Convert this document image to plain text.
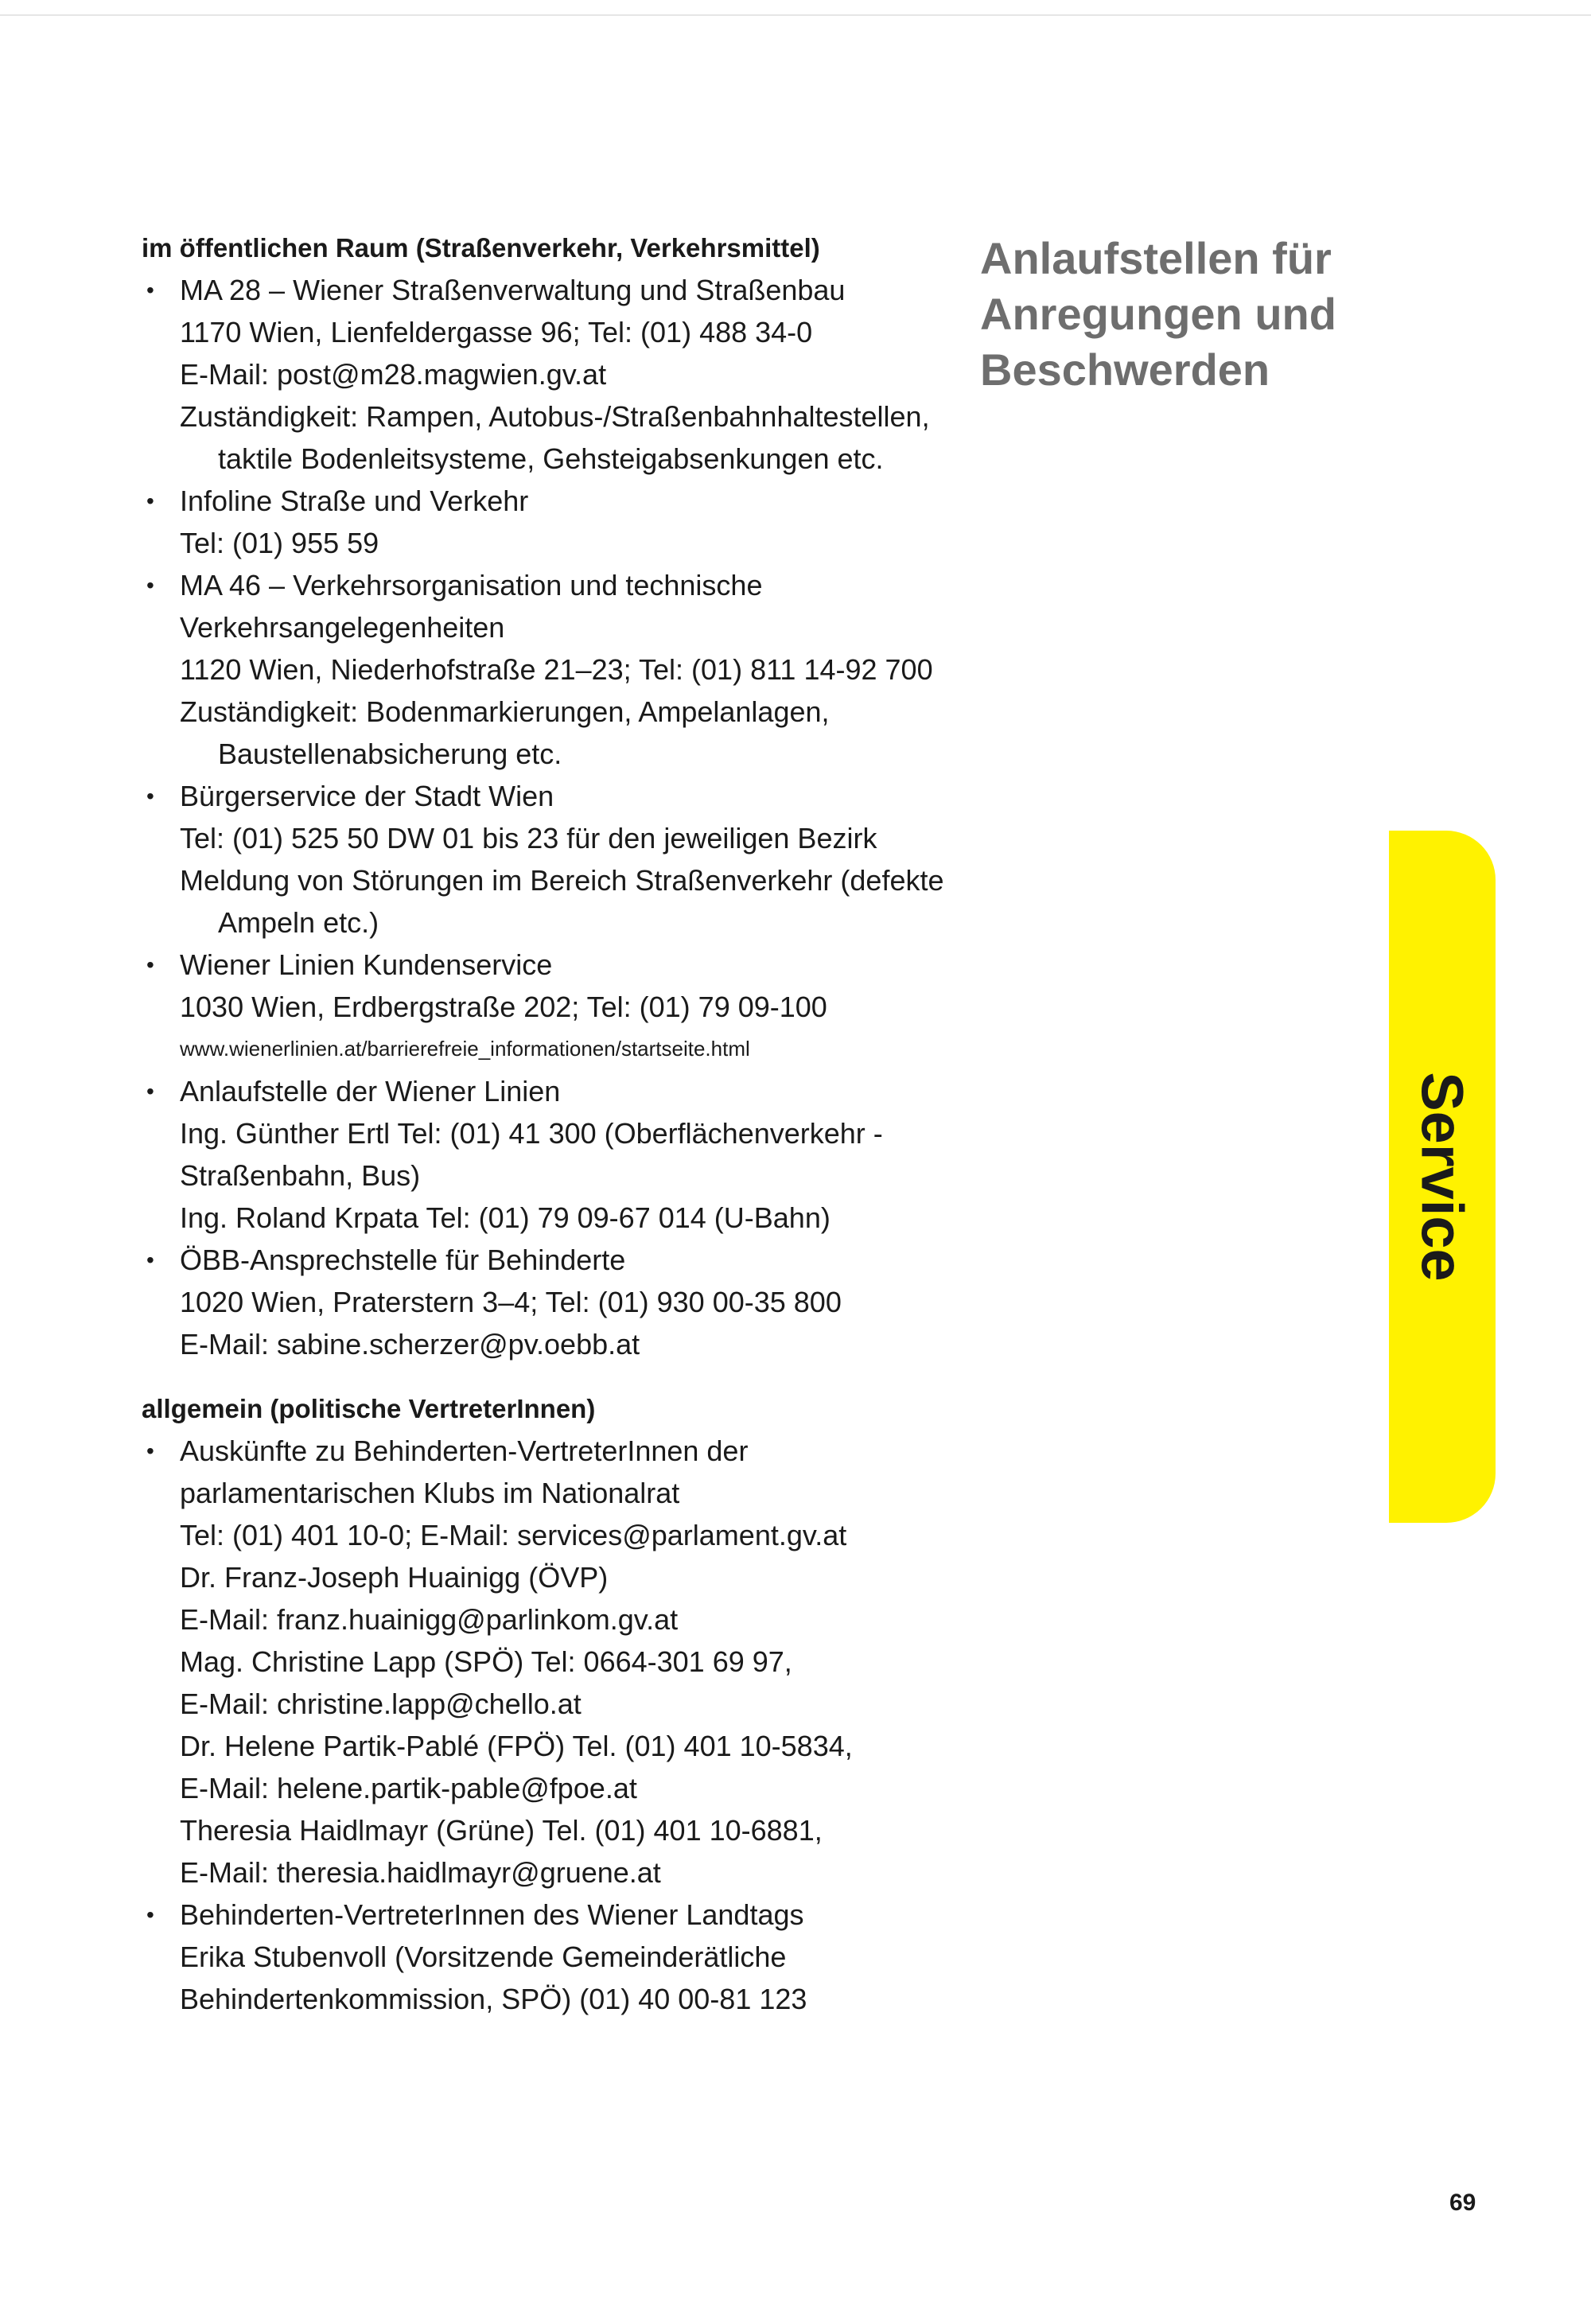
im öffentlichen Raum (Straßenverkehr, Verkehrsmittel)
• MA 28 – Wiener Straßenverwaltung und Straßenbau
1170 Wien, Lienfeldergasse 96; Tel: (01) 488 34-0
E-Mail: post@m28.magwien.gv.at
Zuständigkeit: Rampen, Autobus-/Straßenbahnhaltestellen,
taktile Bodenleitsysteme, Gehsteigabsenkungen etc.
• Infoline Straße und Verkehr
Tel: (01) 955 59
• MA 46 – Verkehrsorganisation und technische
Verkehrsangelegenheiten
1120 Wien, Niederhofstraße 21–23; Tel: (01) 811 14-92 700
Zuständigkeit: Bodenmarkierungen, Ampelanlagen,
Baustellenabsicherung etc.
• Bürgerservice der Stadt Wien
Tel: (01) 525 50 DW 01 bis 23 für den jeweiligen Bezirk
Meldung von Störungen im Bereich Straßenverkehr (defekte
Ampeln etc.)
• Wiener Linien Kundenservice
1030 Wien, Erdbergstraße 202; Tel: (01) 79 09-100
www.wienerlinien.at/barrierefreie_informationen/startseite.html
• Anlaufstelle der Wiener Linien
Ing. Günther Ertl Tel: (01) 41 300 (Oberflächenverkehr -
Straßenbahn, Bus)
Ing. Roland Krpata Tel: (01) 79 09-67 014 (U-Bahn)
• ÖBB-Ansprechstelle für Behinderte
1020 Wien, Praterstern 3–4; Tel: (01) 930 00-35 800
E-Mail: sabine.scherzer@pv.oebb.at
allgemein (politische VertreterInnen)
• Auskünfte zu Behinderten-VertreterInnen der
parlamentarischen Klubs im Nationalrat
Tel: (01) 401 10-0; E-Mail: services@parlament.gv.at
Dr. Franz-Joseph Huainigg (ÖVP)
E-Mail: franz.huainigg@parlinkom.gv.at
Mag. Christine Lapp (SPÖ) Tel: 0664-301 69 97,
E-Mail: christine.lapp@chello.at
Dr. Helene Partik-Pablé (FPÖ) Tel. (01) 401 10-5834,
E-Mail: helene.partik-pable@fpoe.at
Theresia Haidlmayr (Grüne) Tel. (01) 401 10-6881,
E-Mail: theresia.haidlmayr@gruene.at
• Behinderten-VertreterInnen des Wiener Landtags
Erika Stubenvoll (Vorsitzende Gemeinderätliche
Behindertenkommission, SPÖ) (01) 40 00-81 123
Anlaufstellen für
Anregungen und
Beschwerden
Service
69
